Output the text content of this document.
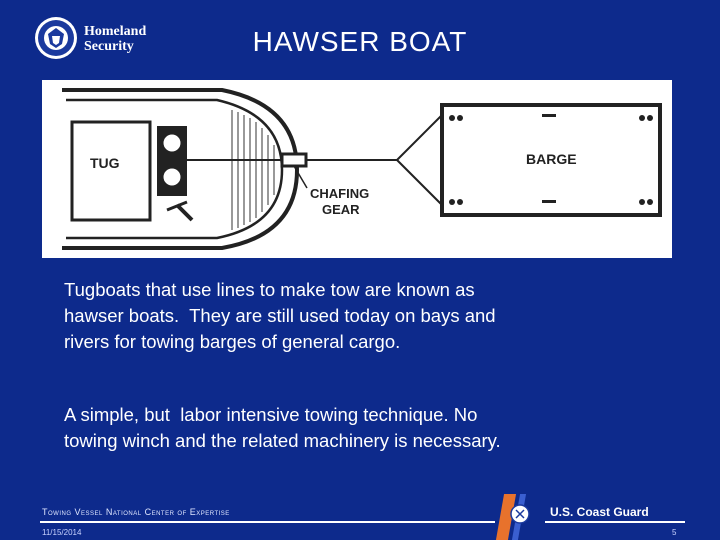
Homeland
Security	HAWSER BOAT
TUG	BARGE
CHAFING
GEAR
Tugboats that use lines to make tow are known as
hawser boats.  They are still used today on bays and
rivers for towing barges of general cargo.
A simple, but  labor intensive towing technique. No
towing winch and the related machinery is necessary.
Towing Vessel National Center of Expertise	U.S. Coast Guard
11/15/2014	5
